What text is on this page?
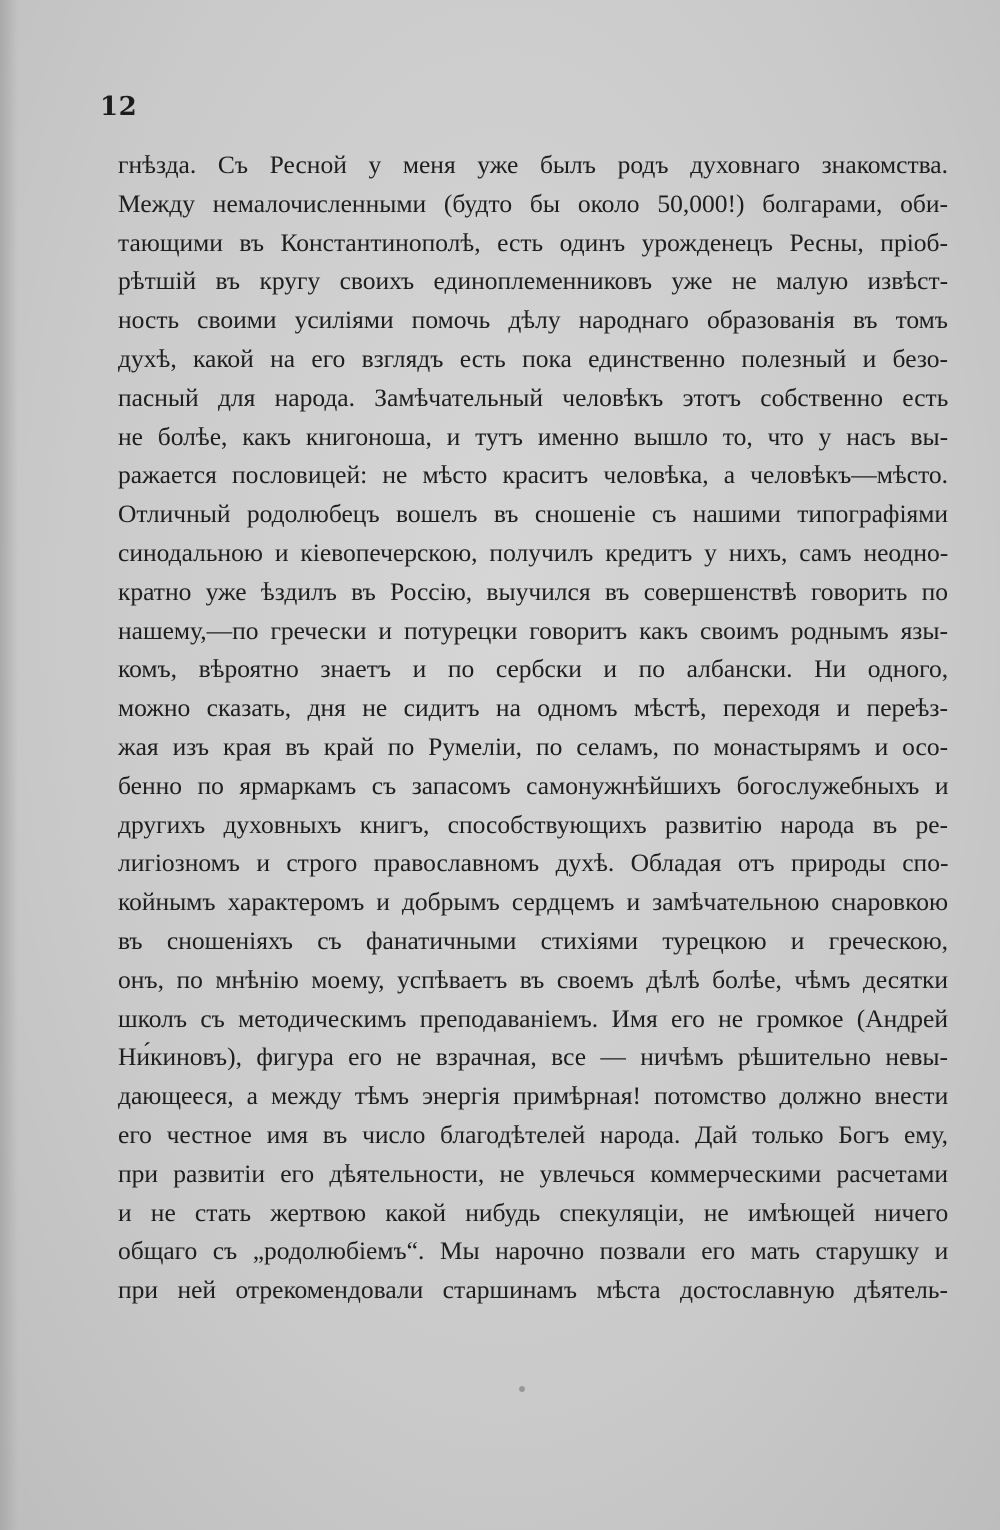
12
гнѣзда. Съ Ресной у меня уже былъ родъ духовнаго знакомства.
Между немалочисленными (будто бы около 50,000!) болгарами, оби-
тающими въ Константинополѣ, есть одинъ урожденецъ Ресны, пріоб-
рѣтшій въ кругу своихъ единоплеменниковъ уже не малую извѣст-
ность своими усиліями помочь дѣлу народнаго образованія въ томъ
духѣ, какой на его взглядъ есть пока единственно полезный и безо-
пасный для народа. Замѣчательный человѣкъ этотъ собственно есть
не болѣе, какъ книгоноша, и тутъ именно вышло то, что у насъ вы-
ражается пословицей: не мѣсто краситъ человѣка, а человѣкъ—мѣсто.
Отличный родолюбецъ вошелъ въ сношеніе съ нашими типографіями
синодальною и кіевопечерскою, получилъ кредитъ у нихъ, самъ неодно-
кратно уже ѣздилъ въ Россію, выучился въ совершенствѣ говорить по
нашему,—по гречески и потурецки говоритъ какъ своимъ роднымъ язы-
комъ, вѣроятно знаетъ и по сербски и по албански. Ни одного,
можно сказать, дня не сидитъ на одномъ мѣстѣ, переходя и переѣз-
жая изъ края въ край по Румеліи, по селамъ, по монастырямъ и осо-
бенно по ярмаркамъ съ запасомъ самонужнѣйшихъ богослужебныхъ и
другихъ духовныхъ книгъ, способствующихъ развитію народа въ ре-
лигіозномъ и строго православномъ духѣ. Обладая отъ природы спо-
койнымъ характеромъ и добрымъ сердцемъ и замѣчательною снаровкою
въ сношеніяхъ съ фанатичными стихіями турецкою и греческою,
онъ, по мнѣнію моему, успѣваетъ въ своемъ дѣлѣ болѣе, чѣмъ десятки
школъ съ методическимъ преподаваніемъ. Имя его не громкое (Андрей
Ни́киновъ), фигура его не взрачная, все — ничѣмъ рѣшительно невы-
дающееся, а между тѣмъ энергія примѣрная! потомство должно внести
его честное имя въ число благодѣтелей народа. Дай только Богъ ему,
при развитіи его дѣятельности, не увлечься коммерческими расчетами
и не стать жертвою какой нибудь спекуляціи, не имѣющей ничего
общаго съ „родолюбіемъ“. Мы нарочно позвали его мать старушку и
при ней отрекомендовали старшинамъ мѣста достославную дѣятель-
